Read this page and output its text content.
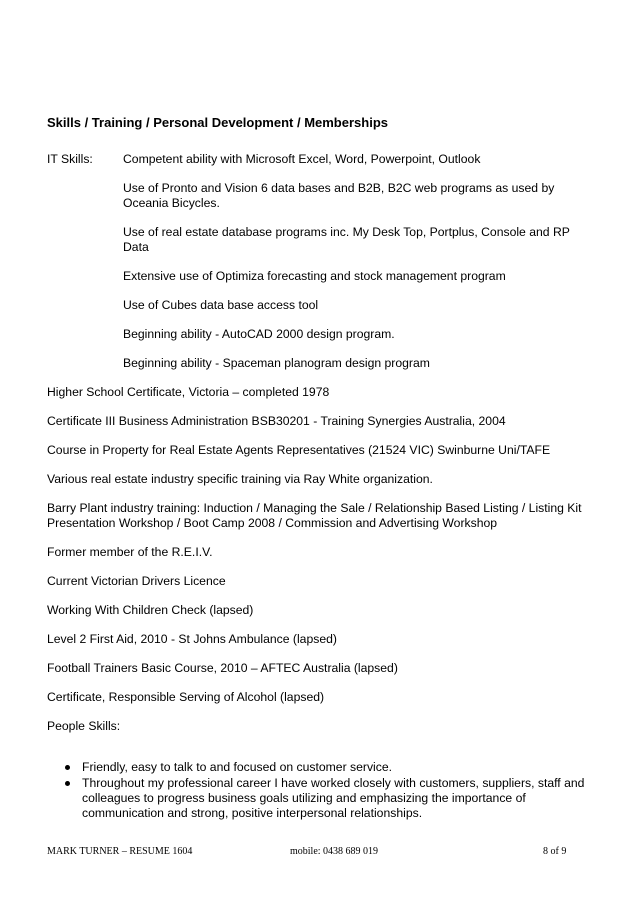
Skills / Training / Personal Development / Memberships
IT Skills: Competent ability with Microsoft Excel, Word, Powerpoint, Outlook
Use of Pronto and Vision 6 data bases and B2B, B2C web programs as used by Oceania Bicycles.
Use of real estate database programs inc. My Desk Top, Portplus, Console and RP Data
Extensive use of Optimiza forecasting and stock management program
Use of Cubes data base access tool
Beginning ability - AutoCAD 2000 design program.
Beginning ability - Spaceman planogram design program
Higher School Certificate, Victoria – completed 1978
Certificate III Business Administration BSB30201 - Training Synergies Australia, 2004
Course in Property for Real Estate Agents Representatives (21524 VIC) Swinburne Uni/TAFE
Various real estate industry specific training via Ray White organization.
Barry Plant industry training: Induction / Managing the Sale / Relationship Based Listing / Listing Kit Presentation Workshop / Boot Camp 2008 / Commission and Advertising Workshop
Former member of the R.E.I.V.
Current Victorian Drivers Licence
Working With Children Check (lapsed)
Level 2 First Aid, 2010 - St Johns Ambulance (lapsed)
Football Trainers Basic Course, 2010 – AFTEC Australia (lapsed)
Certificate, Responsible Serving of Alcohol (lapsed)
People Skills:
Friendly, easy to talk to and focused on customer service.
Throughout my professional career I have worked closely with customers, suppliers, staff and colleagues to progress business goals utilizing and emphasizing the importance of communication and strong, positive interpersonal relationships.
MARK TURNER – RESUME 1604	mobile: 0438 689 019	8 of 9
